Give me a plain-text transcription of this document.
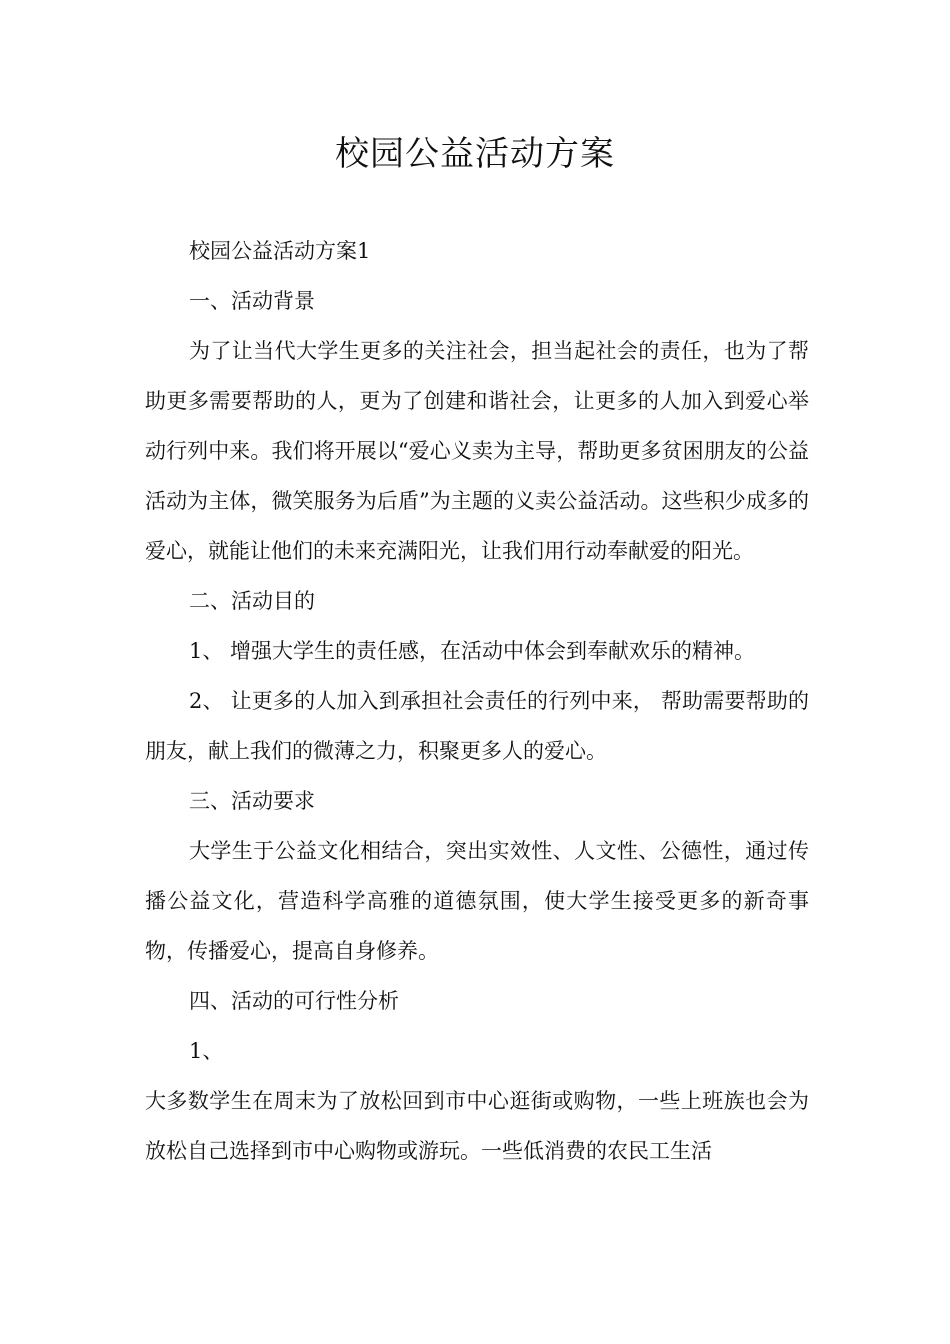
校园公益活动方案

校园公益活动方案1

一、活动背景

为了让当代大学生更多的关注社会，担当起社会的责任，也为了帮助更多需要帮助的人，更为了创建和谐社会，让更多的人加入到爱心举动行列中来。我们将开展以“爱心义卖为主导，帮助更多贫困朋友的公益活动为主体，微笑服务为后盾”为主题的义卖公益活动。这些积少成多的爱心，就能让他们的未来充满阳光，让我们用行动奉献爱的阳光。

二、活动目的

1、 增强大学生的责任感，在活动中体会到奉献欢乐的精神。

2、 让更多的人加入到承担社会责任的行列中来， 帮助需要帮助的朋友，献上我们的微薄之力，积聚更多人的爱心。

三、活动要求

大学生于公益文化相结合，突出实效性、人文性、公德性，通过传播公益文化，营造科学高雅的道德氛围，使大学生接受更多的新奇事物，传播爱心，提高自身修养。

四、活动的可行性分析

1、

大多数学生在周末为了放松回到市中心逛街或购物，一些上班族也会为放松自己选择到市中心购物或游玩。一些低消费的农民工生活
